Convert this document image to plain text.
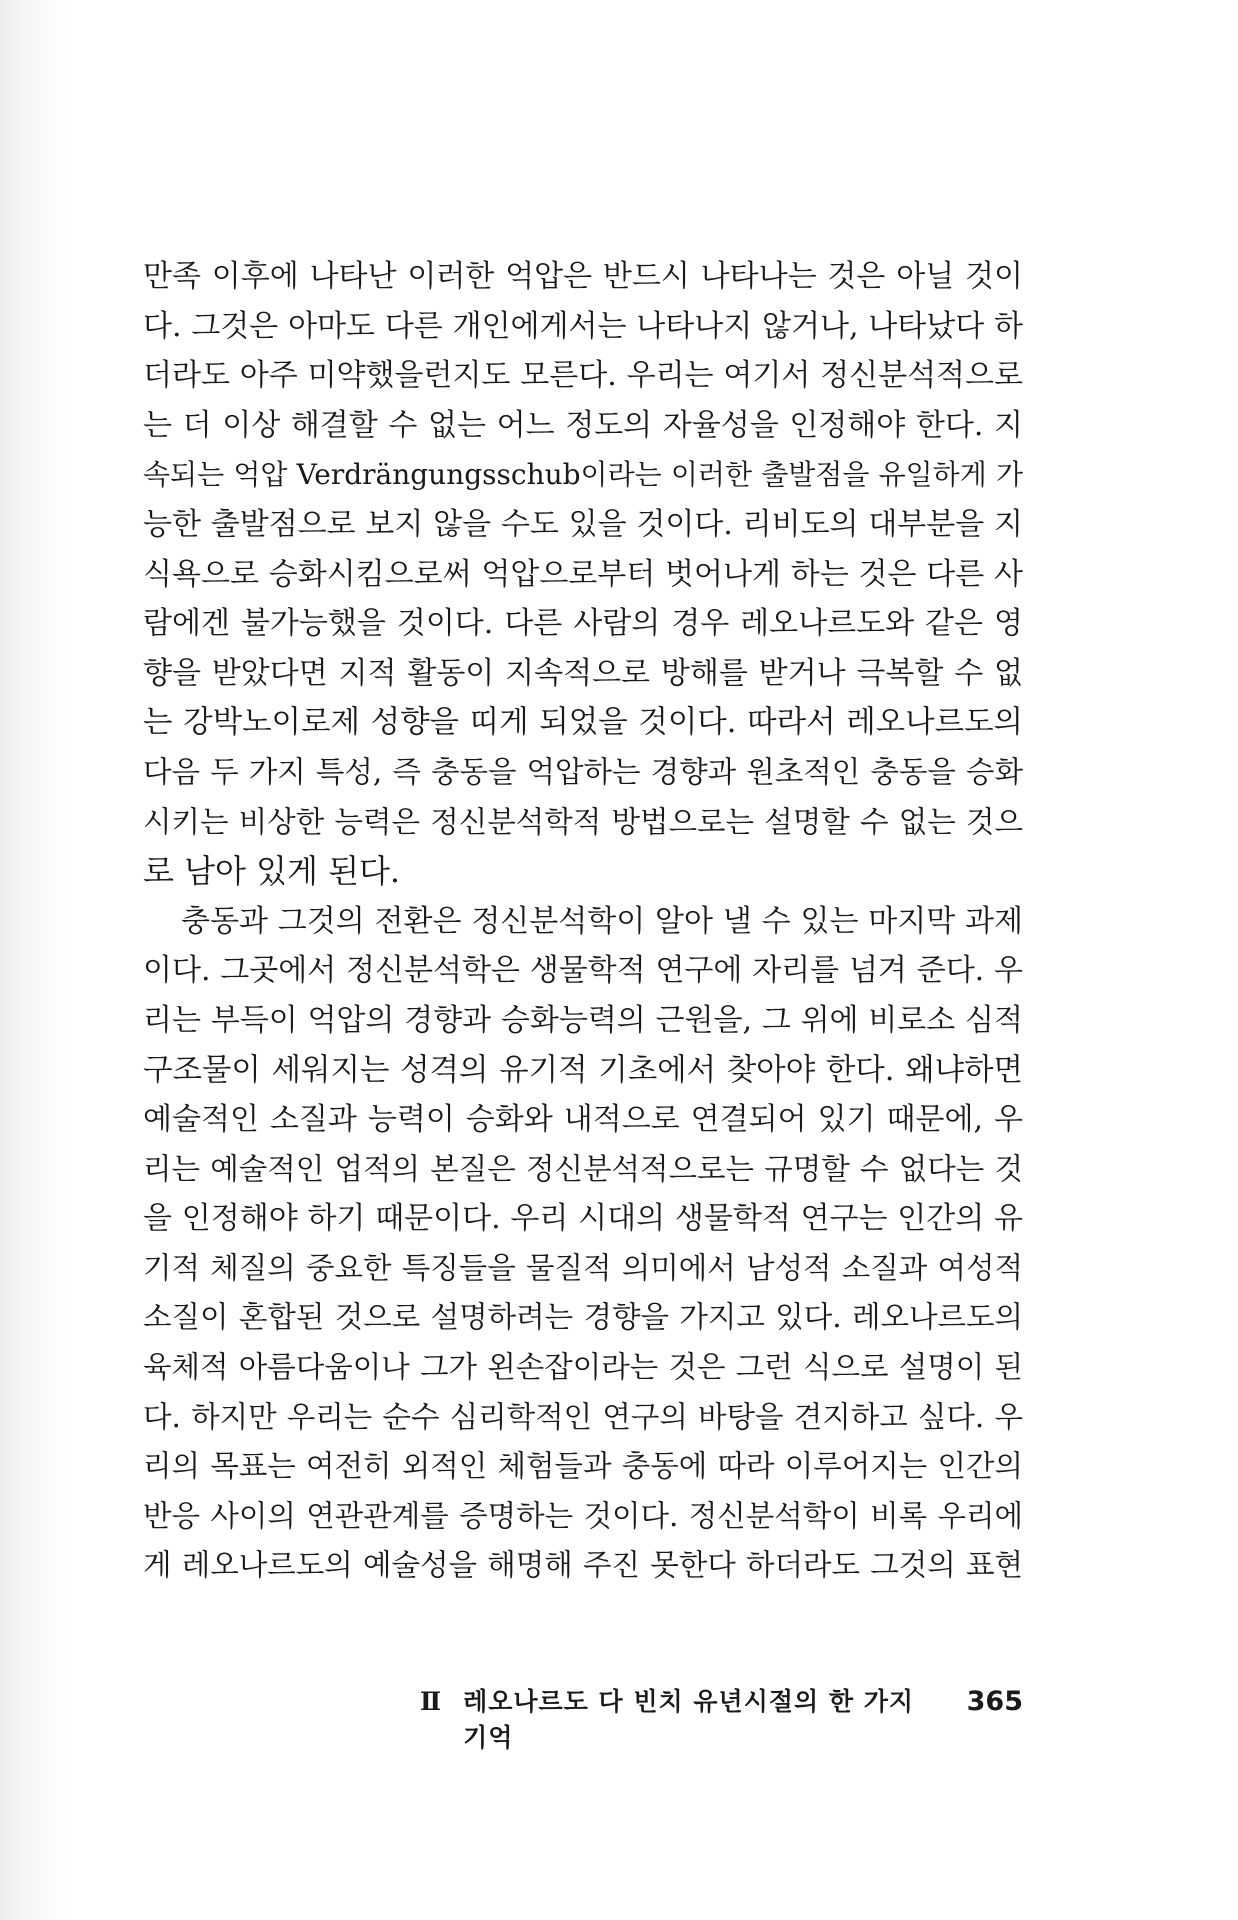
만족 이후에 나타난 이러한 억압은 반드시 나타나는 것은 아닐 것이
다. 그것은 아마도 다른 개인에게서는 나타나지 않거나, 나타났다 하
더라도 아주 미약했을런지도 모른다. 우리는 여기서 정신분석적으로
는 더 이상 해결할 수 없는 어느 정도의 자율성을 인정해야 한다. 지
속되는 억압 Verdrängungsschub이라는 이러한 출발점을 유일하게 가
능한 출발점으로 보지 않을 수도 있을 것이다. 리비도의 대부분을 지
식욕으로 승화시킴으로써 억압으로부터 벗어나게 하는 것은 다른 사
람에겐 불가능했을 것이다. 다른 사람의 경우 레오나르도와 같은 영
향을 받았다면 지적 활동이 지속적으로 방해를 받거나 극복할 수 없
는 강박노이로제 성향을 띠게 되었을 것이다. 따라서 레오나르도의
다음 두 가지 특성, 즉 충동을 억압하는 경향과 원초적인 충동을 승화
시키는 비상한 능력은 정신분석학적 방법으로는 설명할 수 없는 것으
로 남아 있게 된다.
충동과 그것의 전환은 정신분석학이 알아 낼 수 있는 마지막 과제
이다. 그곳에서 정신분석학은 생물학적 연구에 자리를 넘겨 준다. 우
리는 부득이 억압의 경향과 승화능력의 근원을, 그 위에 비로소 심적
구조물이 세워지는 성격의 유기적 기초에서 찾아야 한다. 왜냐하면
예술적인 소질과 능력이 승화와 내적으로 연결되어 있기 때문에, 우
리는 예술적인 업적의 본질은 정신분석적으로는 규명할 수 없다는 것
을 인정해야 하기 때문이다. 우리 시대의 생물학적 연구는 인간의 유
기적 체질의 중요한 특징들을 물질적 의미에서 남성적 소질과 여성적
소질이 혼합된 것으로 설명하려는 경향을 가지고 있다. 레오나르도의
육체적 아름다움이나 그가 왼손잡이라는 것은 그런 식으로 설명이 된
다. 하지만 우리는 순수 심리학적인 연구의 바탕을 견지하고 싶다. 우
리의 목표는 여전히 외적인 체험들과 충동에 따라 이루어지는 인간의
반응 사이의 연관관계를 증명하는 것이다. 정신분석학이 비록 우리에
게 레오나르도의 예술성을 해명해 주진 못한다 하더라도 그것의 표현
Ⅱ 레오나르도 다 빈치 유년시절의 한 가지 기억
365
